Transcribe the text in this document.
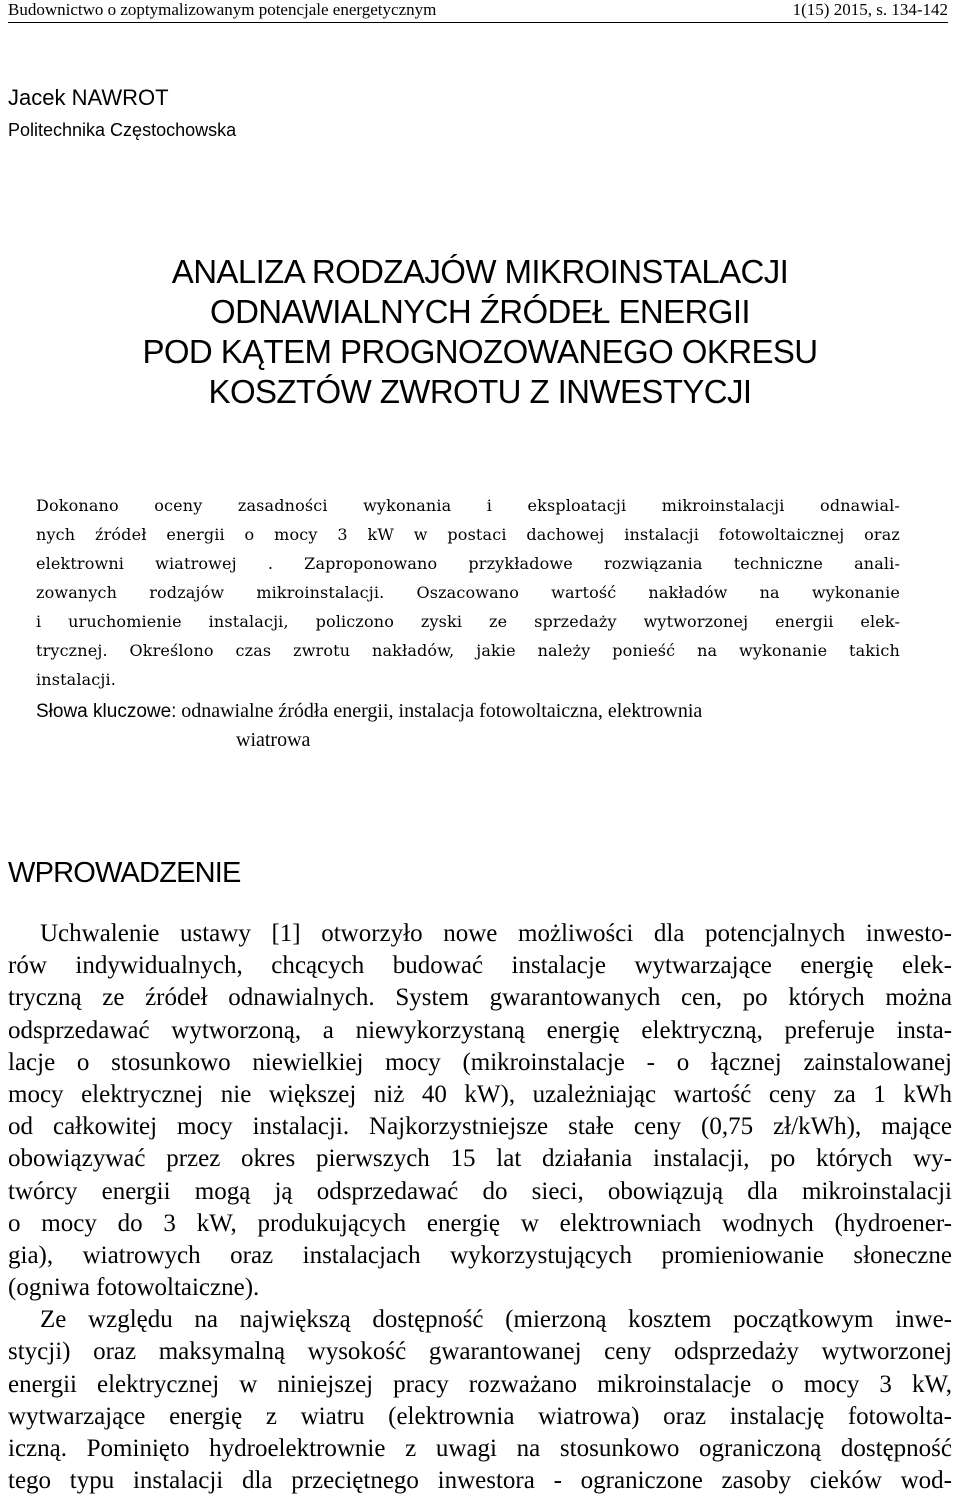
Budownictwo o zoptymalizowanym potencjale energetycznym	1(15) 2015, s. 134-142
Jacek NAWROT
Politechnika Częstochowska
ANALIZA RODZAJÓW MIKROINSTALACJI
ODNAWIALNYCH ŹRÓDEŁ ENERGII
POD KĄTEM PROGNOZOWANEGO OKRESU
KOSZTÓW ZWROTU Z INWESTYCJI
Dokonano oceny zasadności wykonania i eksploatacji mikroinstalacji odnawial-
nych źródeł energii o mocy 3 kW w postaci dachowej instalacji fotowoltaicznej oraz
elektrowni wiatrowej . Zaproponowano przykładowe rozwiązania techniczne anali-
zowanych rodzajów mikroinstalacji. Oszacowano wartość nakładów na wykonanie
i uruchomienie instalacji, policzono zyski ze sprzedaży wytworzonej energii elek-
trycznej. Określono czas zwrotu nakładów, jakie należy ponieść na wykonanie takich
instalacji.
Słowa kluczowe: odnawialne źródła energii, instalacja fotowoltaiczna, elektrownia
wiatrowa
WPROWADZENIE
Uchwalenie ustawy [1] otworzyło nowe możliwości dla potencjalnych inwesto-
rów indywidualnych, chcących budować instalacje wytwarzające energię elek-
tryczną ze źródeł odnawialnych. System gwarantowanych cen, po których można
odsprzedawać wytworzoną, a niewykorzystaną energię elektryczną, preferuje insta-
lacje o stosunkowo niewielkiej mocy (mikroinstalacje - o łącznej zainstalowanej
mocy elektrycznej nie większej niż 40 kW), uzależniając wartość ceny za 1 kWh
od całkowitej mocy instalacji. Najkorzystniejsze stałe ceny (0,75 zł/kWh), mające
obowiązywać przez okres pierwszych 15 lat działania instalacji, po których wy-
twórcy energii mogą ją odsprzedawać do sieci, obowiązują dla mikroinstalacji
o mocy do 3 kW, produkujących energię w elektrowniach wodnych (hydroener-
gia), wiatrowych oraz instalacjach wykorzystujących promieniowanie słoneczne
(ogniwa fotowoltaiczne).
Ze względu na największą dostępność (mierzoną kosztem początkowym inwe-
stycji) oraz maksymalną wysokość gwarantowanej ceny odsprzedaży wytworzonej
energii elektrycznej w niniejszej pracy rozważano mikroinstalacje o mocy 3 kW,
wytwarzające energię z wiatru (elektrownia wiatrowa) oraz instalację fotowolta-
iczną. Pominięto hydroelektrownie z uwagi na stosunkowo ograniczoną dostępność
tego typu instalacji dla przeciętnego inwestora - ograniczone zasoby cieków wod-
